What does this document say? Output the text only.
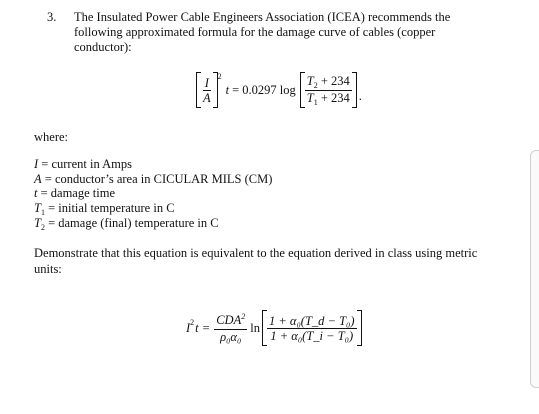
3. The Insulated Power Cable Engineers Association (ICEA) recommends the
following approximated formula for the damage curve of cables (copper
conductor):
$\frac{I}{A} 2$
t = 0.0297 $\log \frac{T_2 + 234}{T_1 + 234}$ .
where:
I = current in Amps
A = conductor’s area in CICULAR MILS (CM)
t = damage time
$T_1$ = initial temperature in C
$T_2$ = damage (final) temperature in C
Demonstrate that this equation is equivalent to the equation derived in class using metric
units:
I 2 $t = \frac{CDA^2}{\text{ρ₀α₀}}$ $\ln \frac{\text{1 + α₀(T\_d − T₀)}}{\text{1 + α₀(T\_i − T₀)}}$
